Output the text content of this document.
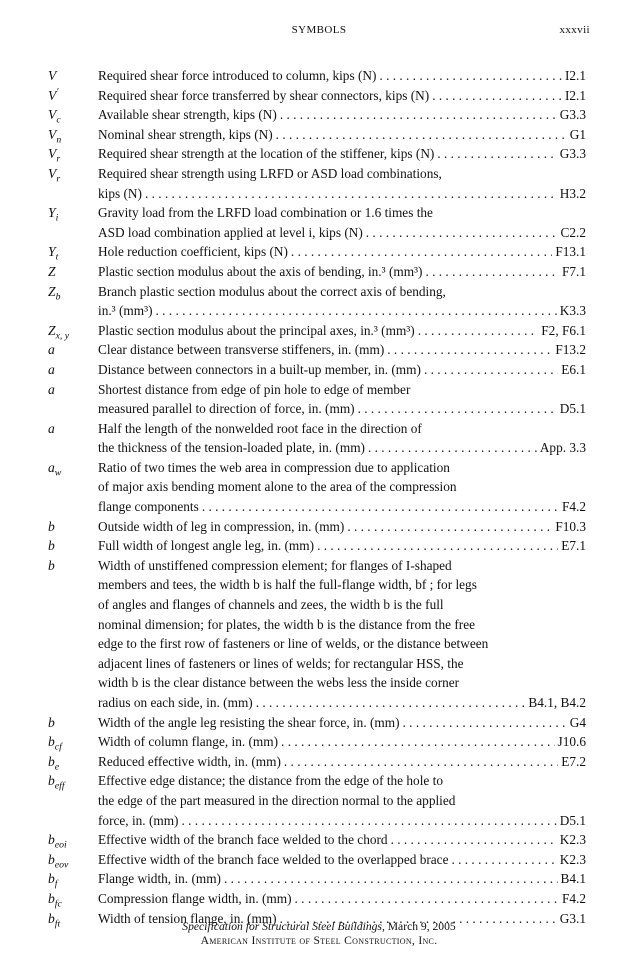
SYMBOLS	xxxvii
V	Required shear force introduced to column, kips (N) . . .	I2.1
V′	Required shear force transferred by shear connectors, kips (N) . . .	I2.1
$V_c$	Available shear strength, kips (N) . . .	G3.3
$V_n$	Nominal shear strength, kips (N) . . .	G1
$V_r$	Required shear strength at the location of the stiffener, kips (N) . . .	G3.3
$V_r$	Required shear strength using LRFD or ASD load combinations,
kips (N) . . .	H3.2
$Y_i$	Gravity load from the LRFD load combination or 1.6 times the
ASD load combination applied at level i, kips (N) . . .	C2.2
$Y_t$	Hole reduction coefficient, kips (N) . . .	F13.1
Z	Plastic section modulus about the axis of bending, in.³ (mm³) . . .	F7.1
$Z_b$	Branch plastic section modulus about the correct axis of bending,
in.³ (mm³) . . .	K3.3
$Z_{x, y}$	Plastic section modulus about the principal axes, in.³ (mm³) . . .	F2, F6.1
a	Clear distance between transverse stiffeners, in. (mm) . . .	F13.2
a	Distance between connectors in a built-up member, in. (mm) . . .	E6.1
a	Shortest distance from edge of pin hole to edge of member
measured parallel to direction of force, in. (mm) . . .	D5.1
a	Half the length of the nonwelded root face in the direction of
the thickness of the tension-loaded plate, in. (mm) . . .	App. 3.3
$a_w$	Ratio of two times the web area in compression due to application
of major axis bending moment alone to the area of the compression
flange components . . .	F4.2
b	Outside width of leg in compression, in. (mm) . . .	F10.3
b	Full width of longest angle leg, in. (mm) . . .	E7.1
b	Width of unstiffened compression element; for flanges of I-shaped
members and tees, the width b is half the full-flange width, bf ; for legs
of angles and flanges of channels and zees, the width b is the full
nominal dimension; for plates, the width b is the distance from the free
edge to the first row of fasteners or line of welds, or the distance between
adjacent lines of fasteners or lines of welds; for rectangular HSS, the
width b is the clear distance between the webs less the inside corner
radius on each side, in. (mm) . . .	B4.1, B4.2
b	Width of the angle leg resisting the shear force, in. (mm) . . .	G4
$b_{cf}$	Width of column flange, in. (mm) . . .	J10.6
$b_e$	Reduced effective width, in. (mm) . . .	E7.2
$b_{eff}$	Effective edge distance; the distance from the edge of the hole to
the edge of the part measured in the direction normal to the applied
force, in. (mm) . . .	D5.1
$b_{eoi}$	Effective width of the branch face welded to the chord . . .	K2.3
$b_{eov}$	Effective width of the branch face welded to the overlapped brace . . .	K2.3
$b_f$	Flange width, in. (mm) . . .	B4.1
$b_{fc}$	Compression flange width, in. (mm) . . .	F4.2
$b_{ft}$	Width of tension flange, in. (mm) . . .	G3.1
Specification for Structural Steel Buildings, March 9, 2005
American Institute of Steel Construction, Inc.
